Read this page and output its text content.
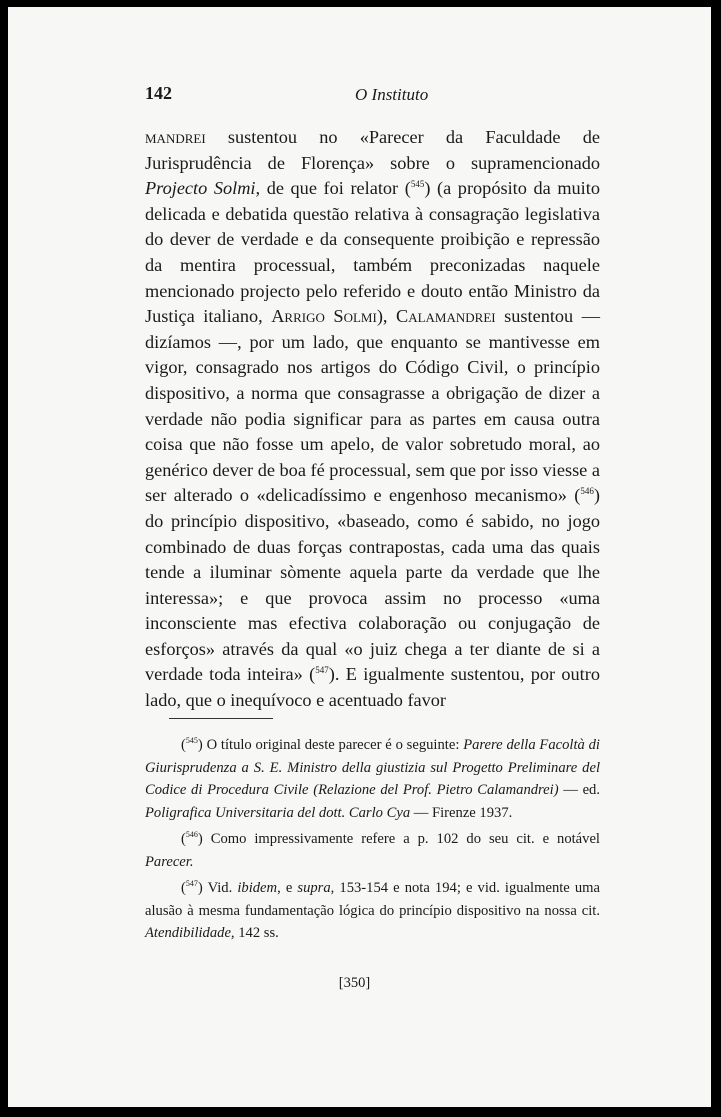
142	O Instituto

mandrei sustentou no «Parecer da Faculdade de Jurisprudência de Florença» sobre o supramencionado Projecto Solmi, de que foi relator ($^{545}$) (a propósito da muito delicada e debatida questão relativa à consagração legislativa do dever de verdade e da consequente proibição e repressão da mentira processual, também preconizadas naquele mencionado projecto pelo referido e douto então Ministro da Justiça italiano, Arrigo Solmi), Calamandrei sustentou — dizíamos —, por um lado, que enquanto se mantivesse em vigor, consagrado nos artigos do Código Civil, o princípio dispositivo, a norma que consagrasse a obrigação de dizer a verdade não podia significar para as partes em causa outra coisa que não fosse um apelo, de valor sobretudo moral, ao genérico dever de boa fé processual, sem que por isso viesse a ser alterado o «delicadíssimo e engenhoso mecanismo» ($^{546}$) do princípio dispositivo, «baseado, como é sabido, no jogo combinado de duas forças contrapostas, cada uma das quais tende a iluminar sòmente aquela parte da verdade que lhe interessa»; e que provoca assim no processo «uma inconsciente mas efectiva colaboração ou conjugação de esforços» através da qual «o juiz chega a ter diante de si a verdade toda inteira» ($^{547}$). E igualmente sustentou, por outro lado, que o inequívoco e acentuado favor

($^{545}$) O título original deste parecer é o seguinte: Parere della Facoltà di Giurisprudenza a S. E. Ministro della giustizia sul Progetto Preliminare del Codice di Procedura Civile (Relazione del Prof. Pietro Calamandrei) — ed. Poligrafica Universitaria del dott. Carlo Cya — Firenze 1937.

($^{546}$) Como impressivamente refere a p. 102 do seu cit. e notável Parecer.

($^{547}$) Vid. ibidem, e supra, 153-154 e nota 194; e vid. igualmente uma alusão à mesma fundamentação lógica do princípio dispositivo na nossa cit. Atendibilidade, 142 ss.

[350]
